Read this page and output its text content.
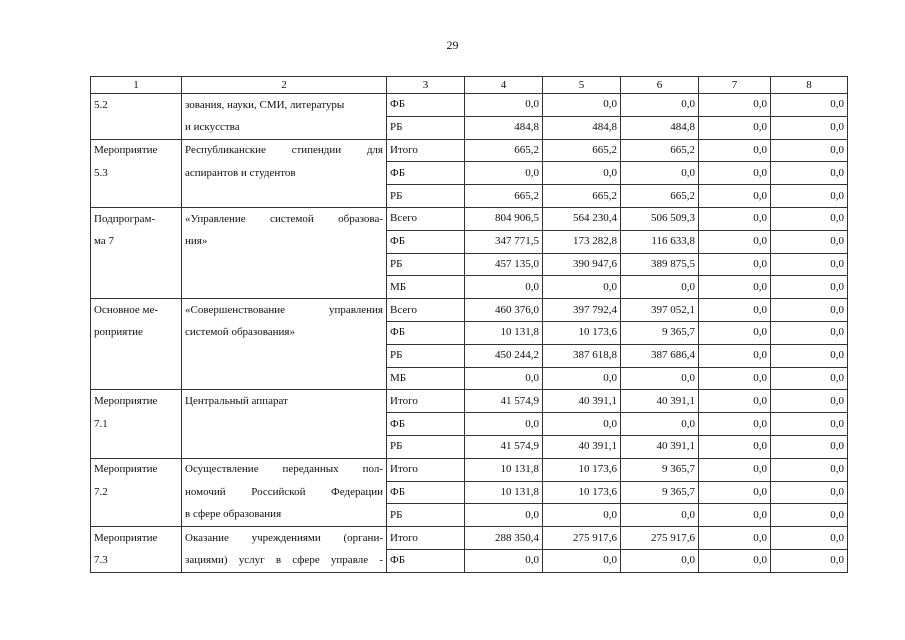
29
1	2	3	4	5	6	7	8
5.2	зования, науки, СМИ, литературы	ФБ	0,0	0,0	0,0	0,0	0,0
	и искусства	РБ	484,8	484,8	484,8	0,0	0,0
Мероприятие	Республиканские стипендии для	Итого	665,2	665,2	665,2	0,0	0,0
5.3	аспирантов и студентов	ФБ	0,0	0,0	0,0	0,0	0,0
		РБ	665,2	665,2	665,2	0,0	0,0
Подпрограм-	«Управление системой образова-	Всего	804 906,5	564 230,4	506 509,3	0,0	0,0
ма 7	ния»	ФБ	347 771,5	173 282,8	116 633,8	0,0	0,0
		РБ	457 135,0	390 947,6	389 875,5	0,0	0,0
		МБ	0,0	0,0	0,0	0,0	0,0
Основное ме-	«Совершенствование управления	Всего	460 376,0	397 792,4	397 052,1	0,0	0,0
роприятие	системой образования»	ФБ	10 131,8	10 173,6	9 365,7	0,0	0,0
		РБ	450 244,2	387 618,8	387 686,4	0,0	0,0
		МБ	0,0	0,0	0,0	0,0	0,0
Мероприятие	Центральный аппарат	Итого	41 574,9	40 391,1	40 391,1	0,0	0,0
7.1		ФБ	0,0	0,0	0,0	0,0	0,0
		РБ	41 574,9	40 391,1	40 391,1	0,0	0,0
Мероприятие	Осуществление переданных пол-	Итого	10 131,8	10 173,6	9 365,7	0,0	0,0
7.2	номочий Российской Федерации	ФБ	10 131,8	10 173,6	9 365,7	0,0	0,0
	в сфере образования	РБ	0,0	0,0	0,0	0,0	0,0
Мероприятие	Оказание учреждениями (органи-	Итого	288 350,4	275 917,6	275 917,6	0,0	0,0
7.3	зациями) услуг в сфере управле -	ФБ	0,0	0,0	0,0	0,0	0,0
